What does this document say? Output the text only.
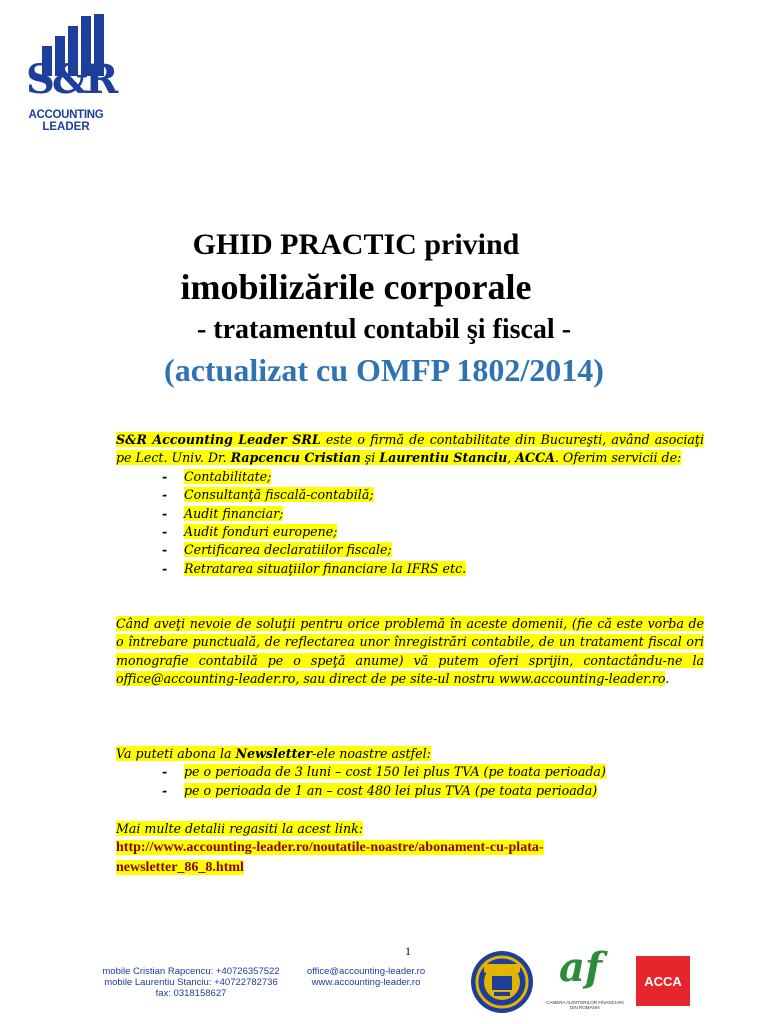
S&R
ACCOUNTING
LEADER
GHID PRACTIC privind
imobilizările corporale
- tratamentul contabil şi fiscal -
(actualizat cu OMFP 1802/2014)
S&R Accounting Leader SRL este o firmă de contabilitate din Bucureşti, având asociaţi pe Lect. Univ. Dr. Rapcencu Cristian şi Laurentiu Stanciu, ACCA. Oferim servicii de:
- Contabilitate;
- Consultanţă fiscală-contabilă;
- Audit financiar;
- Audit fonduri europene;
- Certificarea declaratiilor fiscale;
- Retratarea situaţiilor financiare la IFRS etc.
Când aveţi nevoie de soluţii pentru orice problemă în aceste domenii, (fie că este vorba de o întrebare punctuală, de reflectarea unor înregistrări contabile, de un tratament fiscal ori monografie contabilă pe o speţă anume) vă putem oferi sprijin, contactându-ne la office@accounting-leader.ro, sau direct de pe site-ul nostru www.accounting-leader.ro.
Va puteti abona la Newsletter-ele noastre astfel:
- pe o perioada de 3 luni – cost 150 lei plus TVA (pe toata perioada)
- pe o perioada de 1 an – cost 480 lei plus TVA (pe toata perioada)
Mai multe detalii regasiti la acest link:
http://www.accounting-leader.ro/noutatile-noastre/abonament-cu-plata-
newsletter_86_8.html
1
mobile Cristian Rapcencu: +40726357522
mobile Laurentiu Stanciu: +40722782736
fax: 0318158627
office@accounting-leader.ro
www.accounting-leader.ro	af
CAMERA AUDITORILOR FINANCIARI DIN ROMANIA
ACCA
